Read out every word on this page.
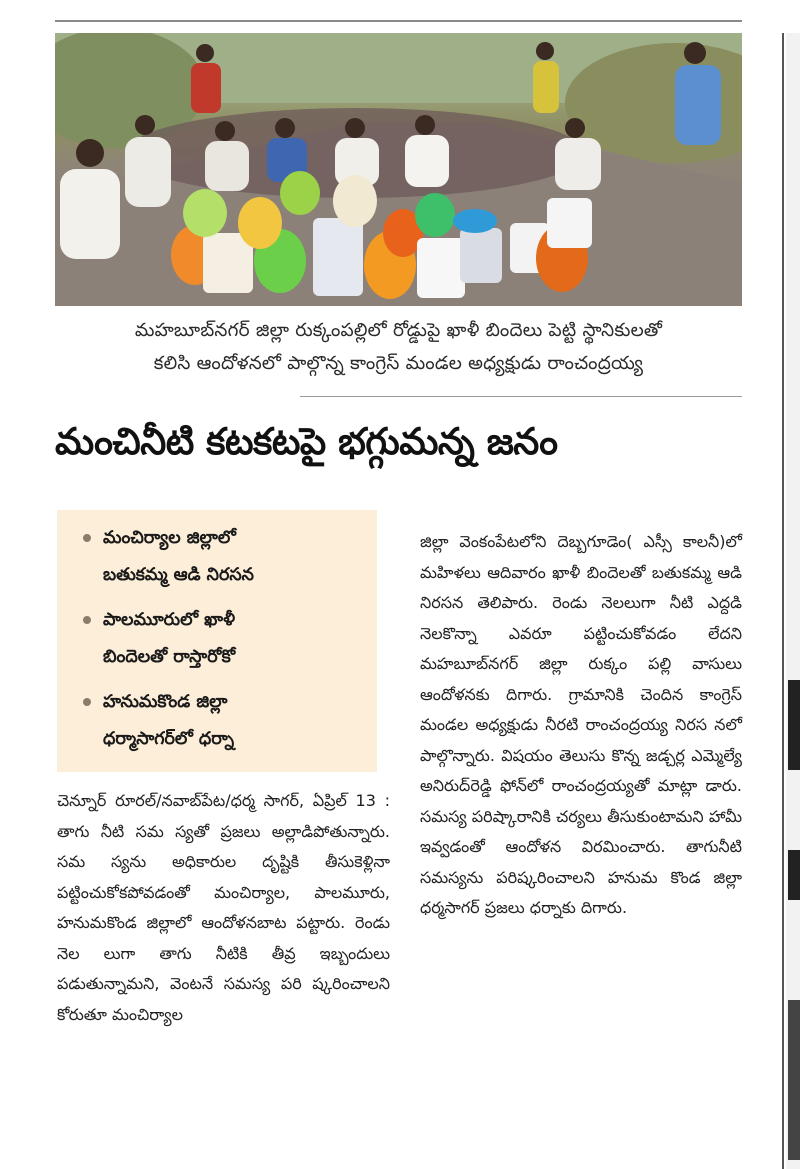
మహబూబ్‌నగర్ జిల్లా రుక్కంపల్లిలో రోడ్డుపై ఖాళీ బిందెలు పెట్టి స్థానికులతో
కలిసి ఆందోళనలో పాల్గొన్న కాంగ్రెస్ మండల అధ్యక్షుడు రాంచంద్రయ్య
మంచినీటి కటకటపై భగ్గుమన్న జనం
మంచిర్యాల జిల్లాలో
బతుకమ్మ ఆడి నిరసన
పాలమూరులో ఖాళీ
బిందెలతో రాస్తారోకో
హనుమకొండ జిల్లా
ధర్మాసాగర్‌లో ధర్నా
చెన్నూర్ రూరల్/నవాబ్‌పేట/ధర్మ సాగర్, ఏప్రిల్ 13 : తాగు నీటి సమ స్యతో ప్రజలు అల్లాడిపోతున్నారు. సమ స్యను అధికారుల దృష్టికి తీసుకెళ్లినా పట్టించుకోకపోవడంతో మంచిర్యాల, పాలమూరు, హనుమకొండ జిల్లాలో ఆందోళనబాట పట్టారు. రెండు నెల లుగా తాగు నీటికి తీవ్ర ఇబ్బందులు పడుతున్నామని, వెంటనే సమస్య పరి ష్కరించాలని కోరుతూ మంచిర్యాల
జిల్లా వెంకంపేటలోని దెబ్బగూడెం( ఎస్సీ కాలనీ)లో మహిళలు ఆదివారం ఖాళీ బిందెలతో బతుకమ్మ ఆడి నిరసన తెలిపారు. రెండు నెలలుగా నీటి ఎద్దడి నెలకొన్నా ఎవరూ పట్టించుకోవడం లేదని మహబూబ్‌నగర్ జిల్లా రుక్కం పల్లి వాసులు ఆందోళనకు దిగారు. గ్రామానికి చెందిన కాంగ్రెస్ మండల అధ్యక్షుడు నీరటి రాంచంద్రయ్య నిరస నలో పాల్గొన్నారు. విషయం తెలుసు కొన్న జడ్చర్ల ఎమ్మెల్యే అనిరుద్‌రెడ్డి ఫోన్‌లో రాంచంద్రయ్యతో మాట్లా డారు. సమస్య పరిష్కారానికి చర్యలు తీసుకుంటామని హామీ ఇవ్వడంతో ఆందోళన విరమించారు. తాగునీటి సమస్యను పరిష్కరించాలని హనుమ కొండ జిల్లా ధర్మసాగర్ ప్రజలు ధర్నాకు దిగారు.
